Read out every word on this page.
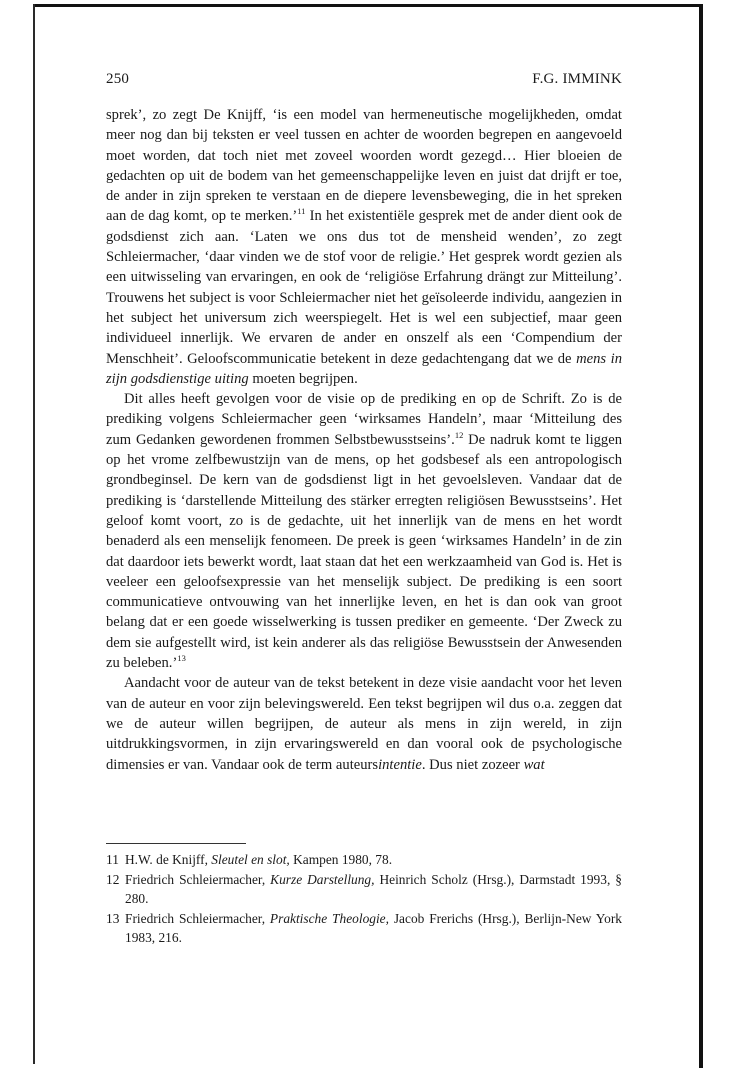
250	F.G. IMMINK

sprek’, zo zegt De Knijff, ‘is een model van hermeneutische mogelijkheden, omdat meer nog dan bij teksten er veel tussen en achter de woorden begrepen en aangevoeld moet worden, dat toch niet met zoveel woorden wordt gezegd… Hier bloeien de gedachten op uit de bodem van het gemeenschappelijke leven en juist dat drijft er toe, de ander in zijn spreken te verstaan en de diepere levensbeweging, die in het spreken aan de dag komt, op te merken.’$^{11}$ In het existentiële gesprek met de ander dient ook de godsdienst zich aan. ‘Laten we ons dus tot de mensheid wenden’, zo zegt Schleiermacher, ‘daar vinden we de stof voor de religie.’ Het gesprek wordt gezien als een uitwisseling van ervaringen, en ook de ‘religiöse Erfahrung drängt zur Mitteilung’. Trouwens het subject is voor Schleiermacher niet het geïsoleerde individu, aangezien in het subject het universum zich weerspiegelt. Het is wel een subjectief, maar geen individueel innerlijk. We ervaren de ander en onszelf als een ‘Compendium der Menschheit’. Geloofscommunicatie betekent in deze gedachtengang dat we de mens in zijn godsdienstige uiting moeten begrijpen.

Dit alles heeft gevolgen voor de visie op de prediking en op de Schrift. Zo is de prediking volgens Schleiermacher geen ‘wirksames Handeln’, maar ‘Mitteilung des zum Gedanken gewordenen frommen Selbstbewusstseins’.$^{12}$ De nadruk komt te liggen op het vrome zelfbewustzijn van de mens, op het godsbesef als een antropologisch grondbeginsel. De kern van de godsdienst ligt in het gevoelsleven. Vandaar dat de prediking is ‘darstellende Mitteilung des stärker erregten religiösen Bewusstseins’. Het geloof komt voort, zo is de gedachte, uit het innerlijk van de mens en het wordt benaderd als een menselijk fenomeen. De preek is geen ‘wirksames Handeln’ in de zin dat daardoor iets bewerkt wordt, laat staan dat het een werkzaamheid van God is. Het is veeleer een geloofsexpressie van het menselijk subject. De prediking is een soort communicatieve ontvouwing van het innerlijke leven, en het is dan ook van groot belang dat er een goede wisselwerking is tussen prediker en gemeente. ‘Der Zweck zu dem sie aufgestellt wird, ist kein anderer als das religiöse Bewusstsein der Anwesenden zu beleben.’$^{13}$

Aandacht voor de auteur van de tekst betekent in deze visie aandacht voor het leven van de auteur en voor zijn belevingswereld. Een tekst begrijpen wil dus o.a. zeggen dat we de auteur willen begrijpen, de auteur als mens in zijn wereld, in zijn uitdrukkingsvormen, in zijn ervaringswereld en dan vooral ook de psychologische dimensies er van. Vandaar ook de term auteursintentie. Dus niet zozeer wat

11 H.W. de Knijff, Sleutel en slot, Kampen 1980, 78.
12 Friedrich Schleiermacher, Kurze Darstellung, Heinrich Scholz (Hrsg.), Darmstadt 1993, § 280.
13 Friedrich Schleiermacher, Praktische Theologie, Jacob Frerichs (Hrsg.), Berlijn-New York 1983, 216.
